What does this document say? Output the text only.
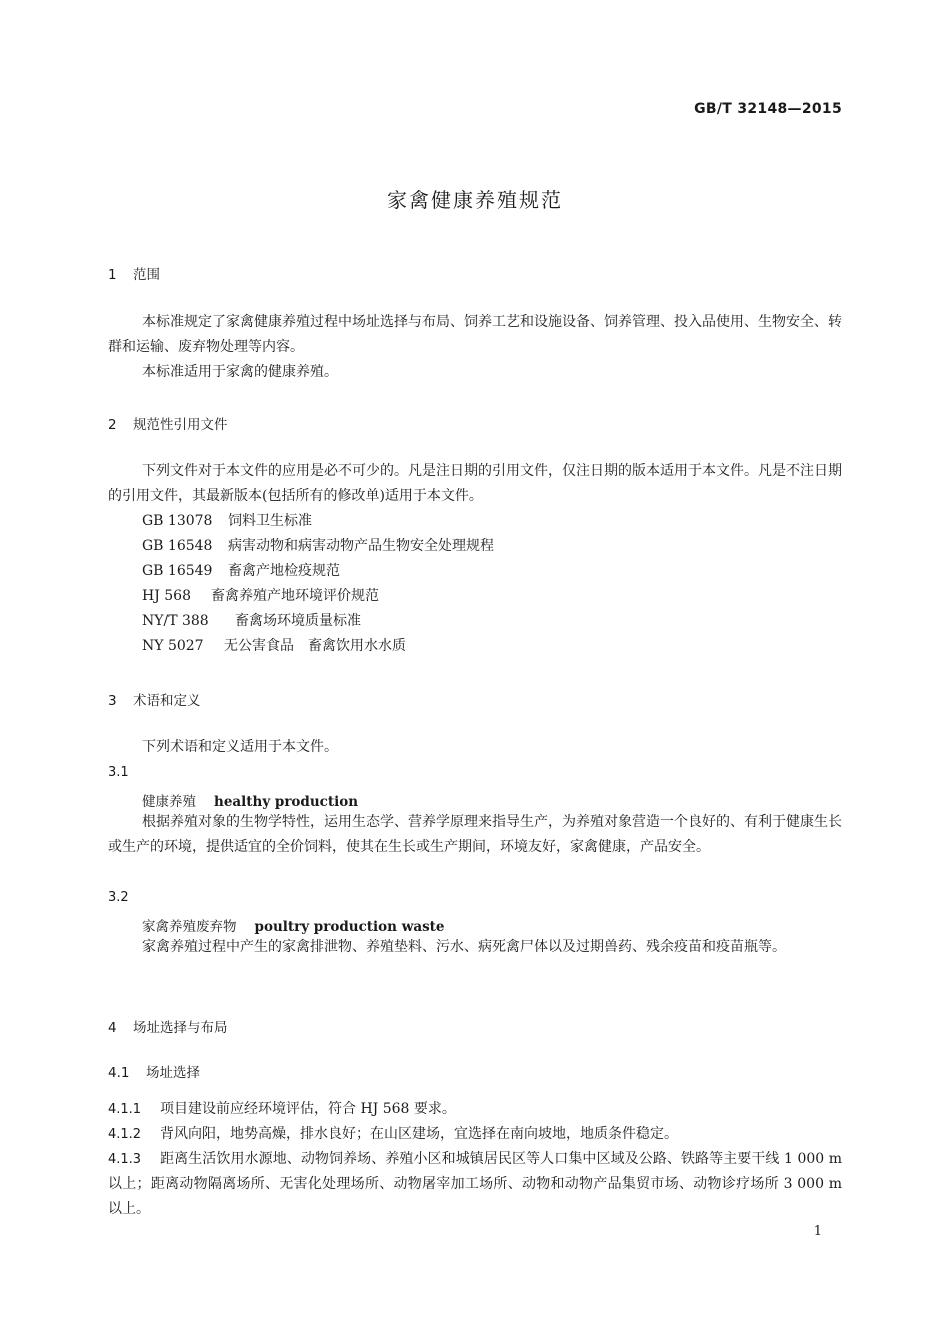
GB/T 32148—2015
家禽健康养殖规范
1 范围
本标准规定了家禽健康养殖过程中场址选择与布局、饲养工艺和设施设备、饲养管理、投入品使用、生物安全、转群和运输、废弃物处理等内容。
本标准适用于家禽的健康养殖。
2 规范性引用文件
下列文件对于本文件的应用是必不可少的。凡是注日期的引用文件，仅注日期的版本适用于本文件。凡是不注日期的引用文件，其最新版本(包括所有的修改单)适用于本文件。
GB 13078 饲料卫生标准
GB 16548 病害动物和病害动物产品生物安全处理规程
GB 16549 畜禽产地检疫规范
HJ 568 畜禽养殖产地环境评价规范
NY/T 388 畜禽场环境质量标准
NY 5027 无公害食品　畜禽饮用水水质
3 术语和定义
下列术语和定义适用于本文件。
3.1
健康养殖 healthy production
根据养殖对象的生物学特性，运用生态学、营养学原理来指导生产，为养殖对象营造一个良好的、有利于健康生长或生产的环境，提供适宜的全价饲料，使其在生长或生产期间，环境友好，家禽健康，产品安全。
3.2
家禽养殖废弃物 poultry production waste
家禽养殖过程中产生的家禽排泄物、养殖垫料、污水、病死禽尸体以及过期兽药、残余疫苗和疫苗瓶等。
4 场址选择与布局
4.1 场址选择
4.1.1 项目建设前应经环境评估，符合 HJ 568 要求。
4.1.2 背风向阳，地势高燥，排水良好；在山区建场，宜选择在南向坡地，地质条件稳定。
4.1.3 距离生活饮用水源地、动物饲养场、养殖小区和城镇居民区等人口集中区域及公路、铁路等主要干线 1 000 m 以上；距离动物隔离场所、无害化处理场所、动物屠宰加工场所、动物和动物产品集贸市场、动物诊疗场所 3 000 m 以上。
1
